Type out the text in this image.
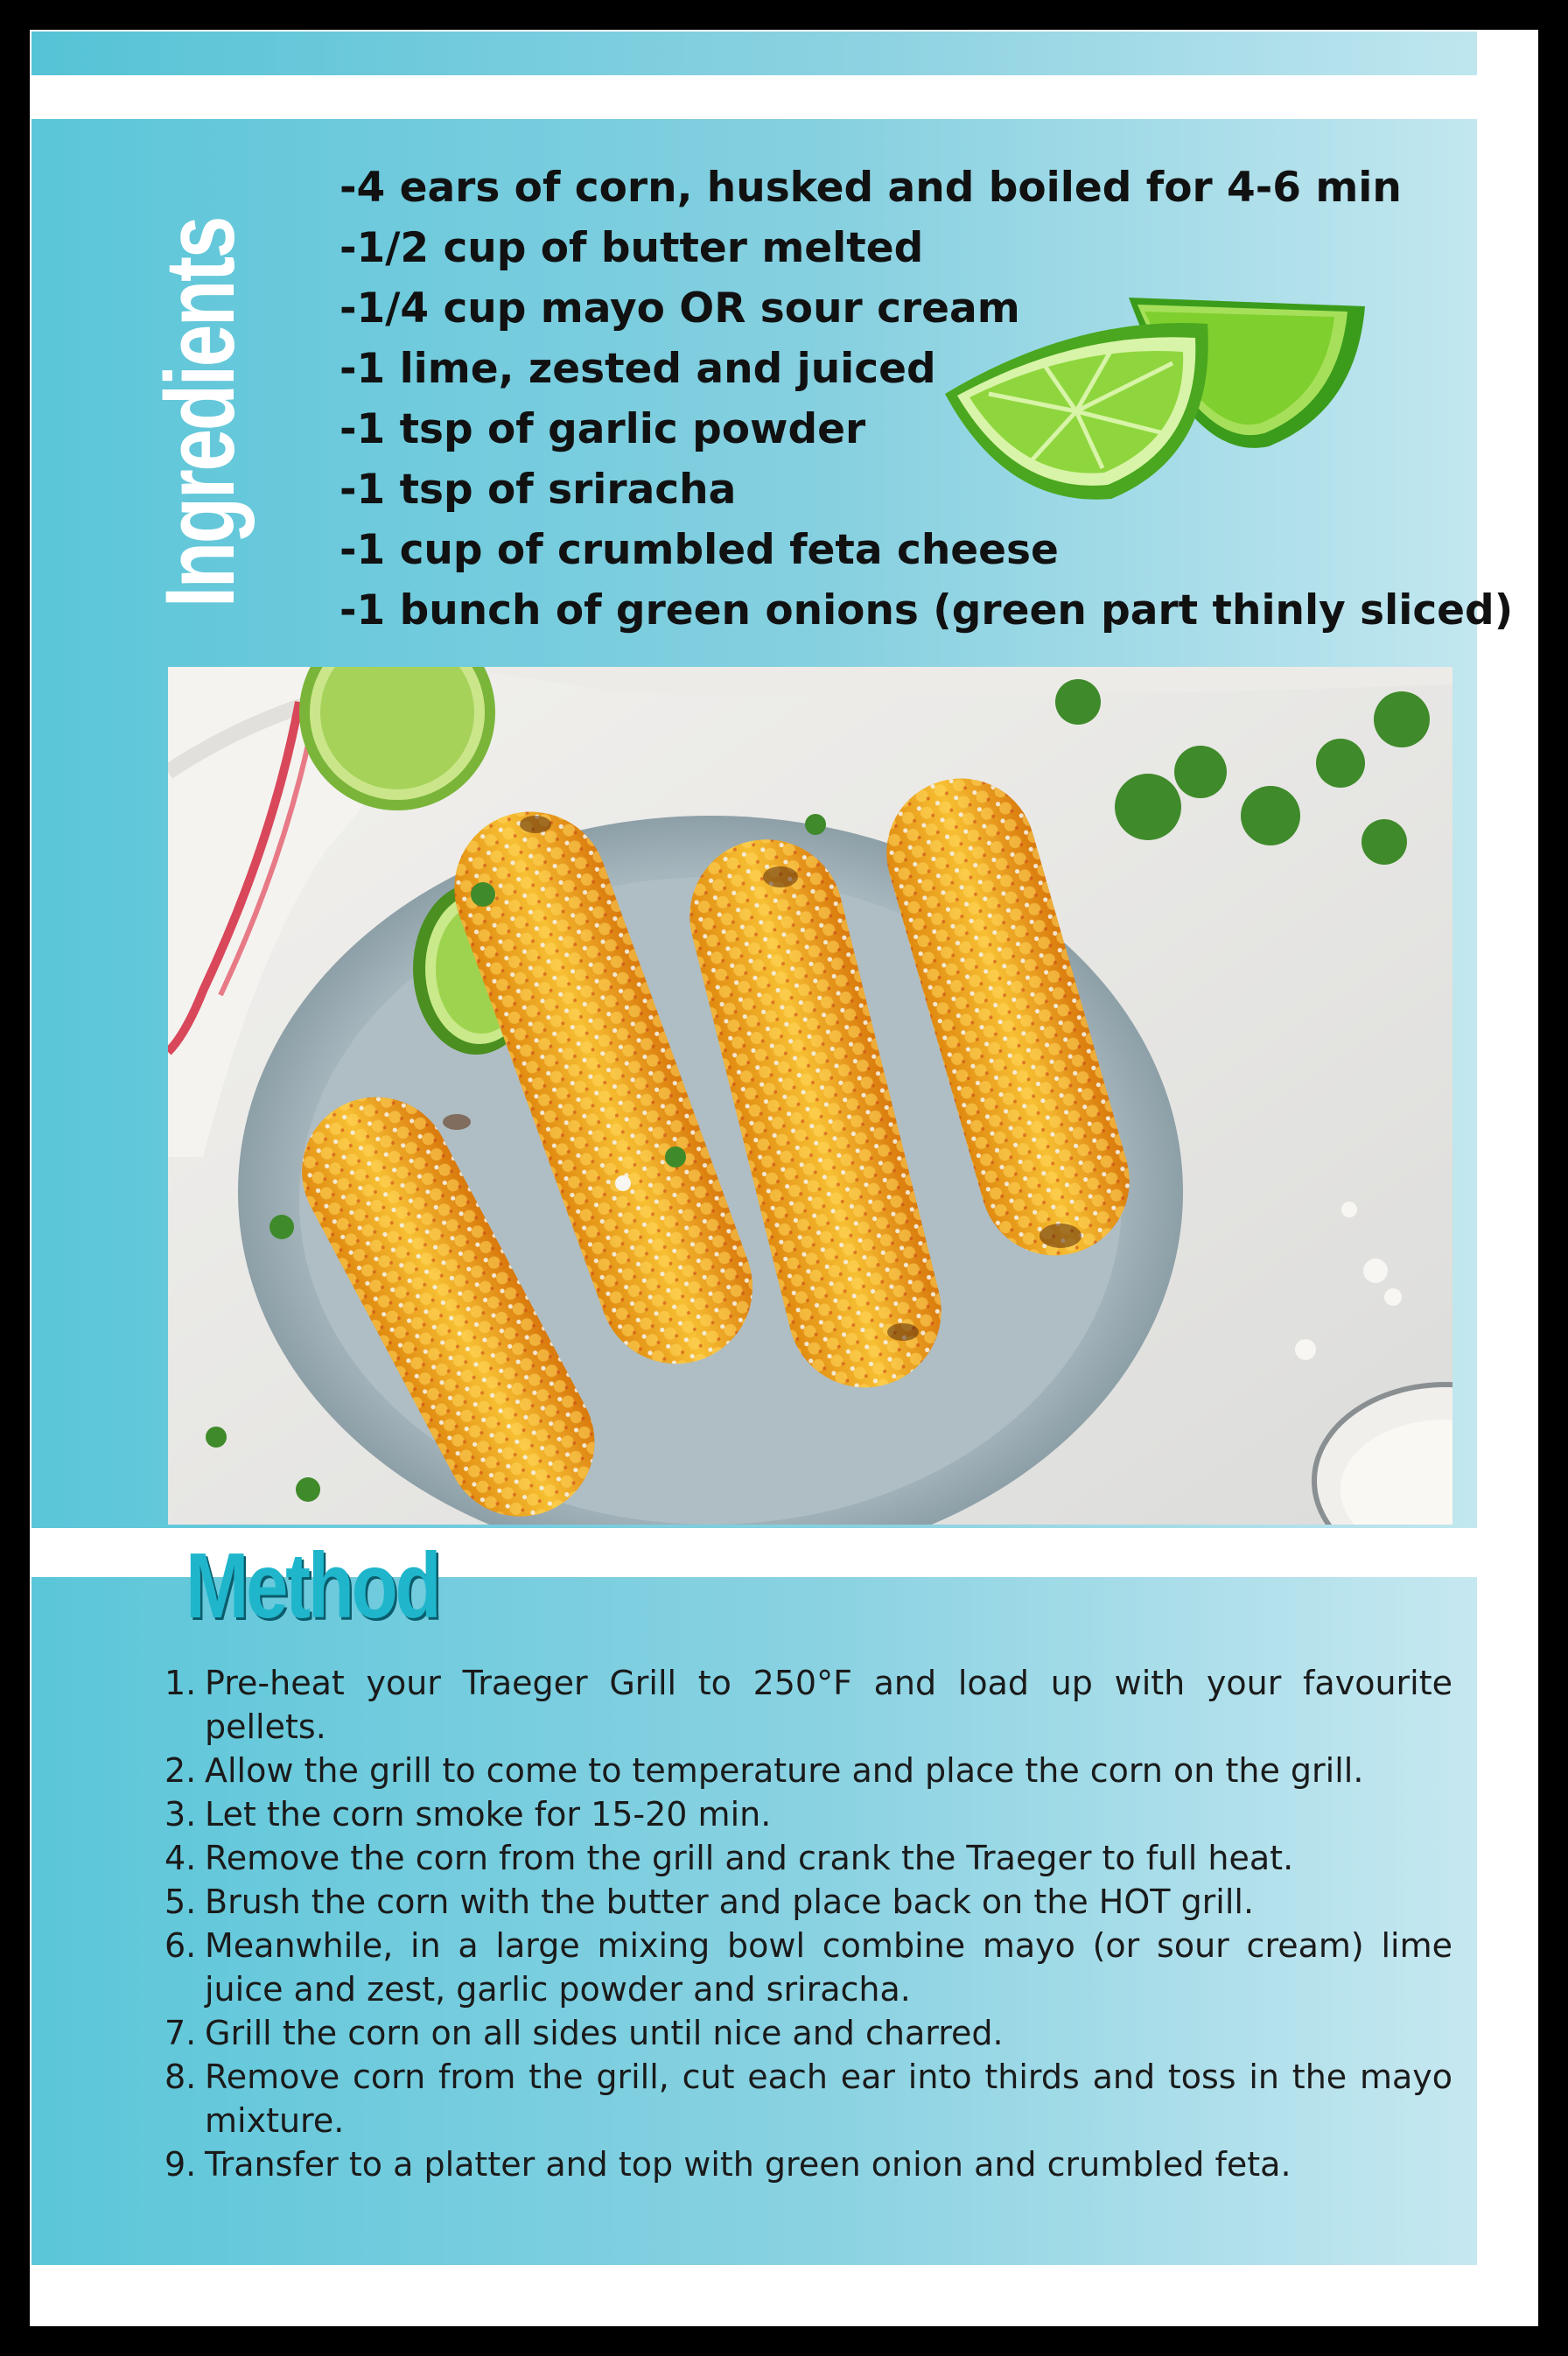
Ingredients
-4 ears of corn, husked and boiled for 4-6 min
-1/2 cup of butter melted
-1/4 cup mayo OR sour cream
-1 lime, zested and juiced
-1 tsp of garlic powder
-1 tsp of sriracha
-1 cup of crumbled feta cheese
-1 bunch of green onions (green part thinly sliced)
Method
1. Pre-heat your Traeger Grill to 250°F and load up with your favourite pellets.
2. Allow the grill to come to temperature and place the corn on the grill.
3. Let the corn smoke for 15-20 min.
4. Remove the corn from the grill and crank the Traeger to full heat.
5. Brush the corn with the butter and place back on the HOT grill.
6. Meanwhile, in a large mixing bowl combine mayo (or sour cream) lime juice and zest, garlic powder and sriracha.
7. Grill the corn on all sides until nice and charred.
8. Remove corn from the grill, cut each ear into thirds and toss in the mayo mixture.
9. Transfer to a platter and top with green onion and crumbled feta.
